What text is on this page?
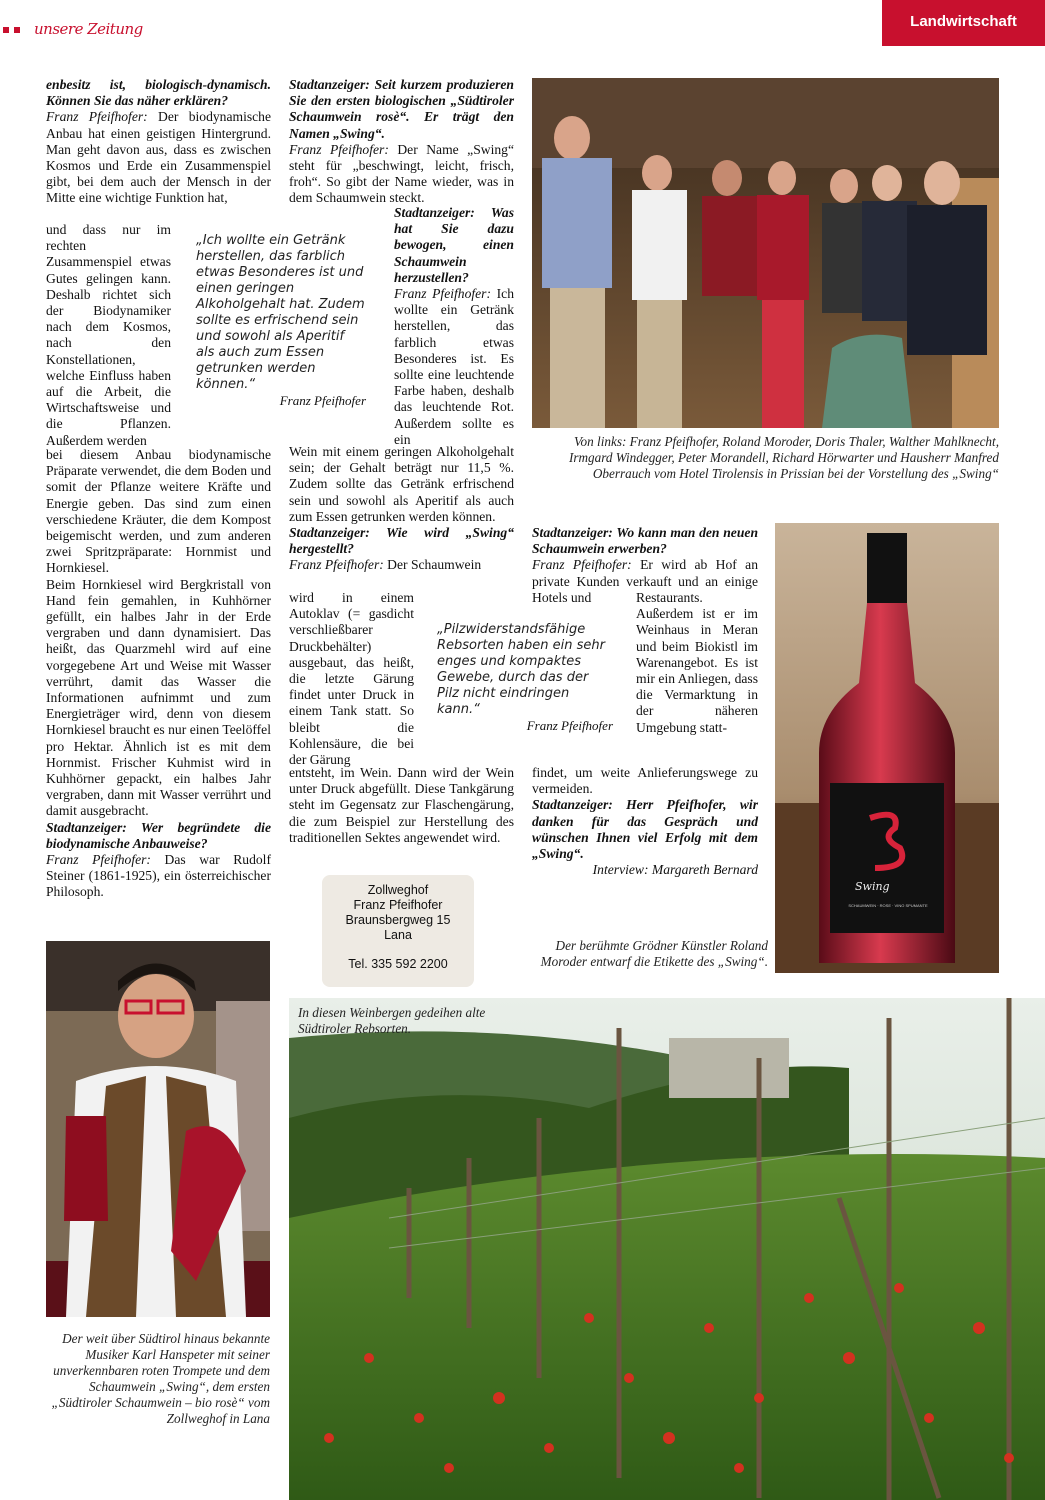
unsere Zeitung	Landwirtschaft

enbesitz ist, biologisch-dynamisch. Können Sie das näher erklären?

Franz Pfeifhofer: Der biodynamische Anbau hat einen geistigen Hintergrund. Man geht davon aus, dass es zwischen Kosmos und Erde ein Zusammenspiel gibt, bei dem auch der Mensch in der Mitte eine wichtige Funktion hat,

und dass nur im rechten Zusammenspiel etwas Gutes gelingen kann. Deshalb richtet sich der Biodynamiker nach dem Kosmos, nach den Konstellationen, welche Einfluss haben auf die Arbeit, die Wirtschaftsweise und die Pflanzen. Außerdem werden

bei diesem Anbau biodynamische Präparate verwendet, die dem Boden und somit der Pflanze weitere Kräfte und Energie geben. Das sind zum einen verschiedene Kräuter, die dem Kompost beigemischt werden, und zum anderen zwei Spritzpräparate: Hornmist und Hornkiesel.

Beim Hornkiesel wird Bergkristall von Hand fein gemahlen, in Kuhhörner gefüllt, ein halbes Jahr in der Erde vergraben und dann dynamisiert. Das heißt, das Quarzmehl wird auf eine vorgegebene Art und Weise mit Wasser verrührt, damit das Wasser die Informationen aufnimmt und zum Energieträger wird, denn von diesem Hornkiesel braucht es nur einen Teelöffel pro Hektar. Ähnlich ist es mit dem Hornmist. Frischer Kuhmist wird in Kuhhörner gepackt, ein halbes Jahr vergraben, dann mit Wasser verrührt und damit ausgebracht.

Stadtanzeiger: Wer begründete die biodynamische Anbauweise?

Franz Pfeifhofer: Das war Rudolf Steiner (1861-1925), ein österreichischer Philosoph.

„Ich wollte ein Getränk herstellen, das farblich etwas Besonderes ist und einen geringen Alkoholgehalt hat. Zudem sollte es erfrischend sein und sowohl als Aperitif als auch zum Essen getrunken werden können.“
Franz Pfeifhofer

Stadtanzeiger: Seit kurzem produzieren Sie den ersten biologischen „Südtiroler Schaumwein rosè“. Er trägt den Namen „Swing“.

Franz Pfeifhofer: Der Name „Swing“ steht für „beschwingt, leicht, frisch, froh“. So gibt der Name wieder, was in dem Schaumwein steckt.

Stadtanzeiger: Was hat Sie dazu bewogen, einen Schaumwein herzustellen?

Franz Pfeifhofer: Ich wollte ein Getränk herstellen, das farblich etwas Besonderes ist. Es sollte eine leuchtende Farbe haben, deshalb das leuchtende Rot. Außerdem sollte es ein

Wein mit einem geringen Alkoholgehalt sein; der Gehalt beträgt nur 11,5 %. Zudem sollte das Getränk erfrischend sein und sowohl als Aperitif als auch zum Essen getrunken werden können.

Stadtanzeiger: Wie wird „Swing“ hergestellt?

Franz Pfeifhofer: Der Schaumwein

wird in einem Autoklav (= gasdicht verschließbarer Druckbehälter) ausgebaut, das heißt, die letzte Gärung findet unter Druck in einem Tank statt. So bleibt die Kohlensäure, die bei der Gärung

entsteht, im Wein. Dann wird der Wein unter Druck abgefüllt. Diese Tankgärung steht im Gegensatz zur Flaschengärung, die zum Beispiel zur Herstellung des traditionellen Sektes angewendet wird.

„Pilzwiderstandsfähige Rebsorten haben ein sehr enges und kompaktes Gewebe, durch das der Pilz nicht eindringen kann.“
Franz Pfeifhofer

Stadtanzeiger: Wo kann man den neuen Schaumwein erwerben?

Franz Pfeifhofer: Er wird ab Hof an private Kunden verkauft und an einige Hotels und	Restaurants. Außerdem ist er im Weinhaus in Meran und beim Biokistl im Warenangebot. Es ist mir ein Anliegen, dass die Vermarktung in der näheren Umgebung statt-

findet, um weite Anlieferungswege zu vermeiden.

Stadtanzeiger: Herr Pfeifhofer, wir danken für das Gespräch und wünschen Ihnen viel Erfolg mit dem „Swing“.

Interview: Margareth Bernard

Zollweghof
Franz Pfeifhofer
Braunsbergweg 15
Lana
Tel. 335 592 2200
Von links: Franz Pfeifhofer, Roland Moroder, Doris Thaler, Walther Mahlknecht, Irmgard Windegger, Peter Morandell, Richard Hörwarter und Hausherr Manfred Oberrauch vom Hotel Tirolensis in Prissian bei der Vorstellung des „Swing“
Swing
SCHAUMWEIN · ROSE · VINO SPUMANTE
Der berühmte Grödner Künstler Roland Moroder entwarf die Etikette des „Swing“.
Der weit über Südtirol hinaus bekannte Musiker Karl Hanspeter mit seiner unverkennbaren roten Trompete und dem Schaumwein „Swing“, dem ersten „Südtiroler Schaumwein – bio rosè“ vom Zollweghof in Lana
In diesen Weinbergen gedeihen alte Südtiroler Rebsorten.
